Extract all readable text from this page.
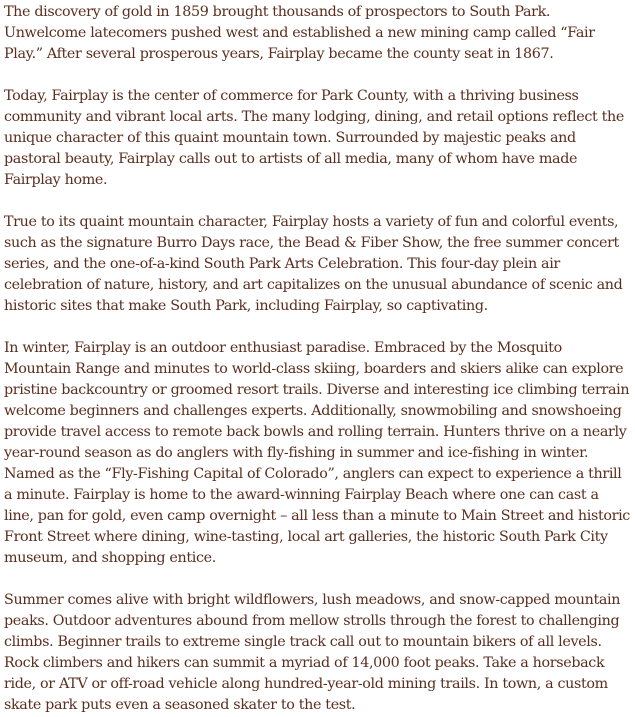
The discovery of gold in 1859 brought thousands of prospectors to South Park. Unwelcome latecomers pushed west and established a new mining camp called “Fair Play.” After several prosperous years, Fairplay became the county seat in 1867.

Today, Fairplay is the center of commerce for Park County, with a thriving business community and vibrant local arts. The many lodging, dining, and retail options reflect the unique character of this quaint mountain town. Surrounded by majestic peaks and pastoral beauty, Fairplay calls out to artists of all media, many of whom have made Fairplay home.

True to its quaint mountain character, Fairplay hosts a variety of fun and colorful events, such as the signature Burro Days race, the Bead & Fiber Show, the free summer concert series, and the one-of-a-kind South Park Arts Celebration. This four-day plein air celebration of nature, history, and art capitalizes on the unusual abundance of scenic and historic sites that make South Park, including Fairplay, so captivating.

In winter, Fairplay is an outdoor enthusiast paradise. Embraced by the Mosquito Mountain Range and minutes to world-class skiing, boarders and skiers alike can explore pristine backcountry or groomed resort trails. Diverse and interesting ice climbing terrain welcome beginners and challenges experts. Additionally, snowmobiling and snowshoeing provide travel access to remote back bowls and rolling terrain. Hunters thrive on a nearly year-round season as do anglers with fly-fishing in summer and ice-fishing in winter. Named as the “Fly-Fishing Capital of Colorado”, anglers can expect to experience a thrill a minute. Fairplay is home to the award-winning Fairplay Beach where one can cast a line, pan for gold, even camp overnight – all less than a minute to Main Street and historic Front Street where dining, wine-tasting, local art galleries, the historic South Park City museum, and shopping entice.

Summer comes alive with bright wildflowers, lush meadows, and snow-capped mountain peaks. Outdoor adventures abound from mellow strolls through the forest to challenging climbs. Beginner trails to extreme single track call out to mountain bikers of all levels. Rock climbers and hikers can summit a myriad of 14,000 foot peaks. Take a horseback ride, or ATV or off-road vehicle along hundred-year-old mining trails. In town, a custom skate park puts even a seasoned skater to the test.
